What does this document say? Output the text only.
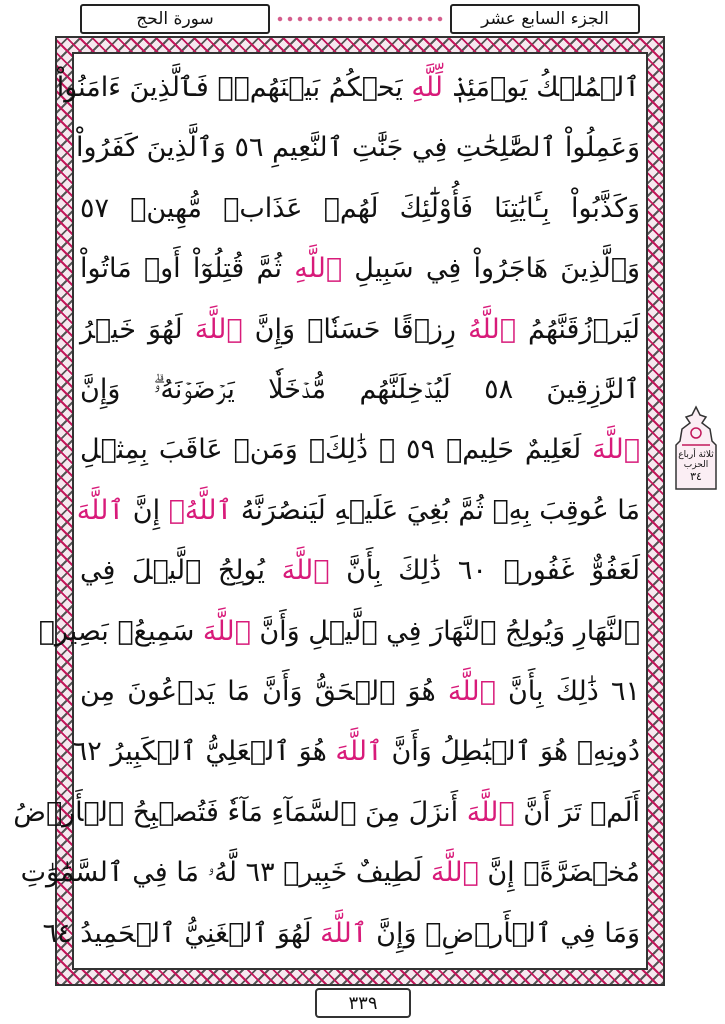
الجزء السابع عشر
سورة الحج
ٱلۡمُلۡكُ يَوۡمَئِذٖ لِّلَّهِ يَحۡكُمُ بَيۡنَهُمۡۚ فَٱلَّذِينَ ءَامَنُواْ
وَعَمِلُواْ ٱلصَّٰلِحَٰتِ فِي جَنَّٰتِ ٱلنَّعِيمِ ٥٦ وَٱلَّذِينَ كَفَرُواْ
وَكَذَّبُواْ بِـَٔايَٰتِنَا فَأُوْلَٰٓئِكَ لَهُمۡ عَذَابٞ مُّهِينٞ ٥٧
وَٱلَّذِينَ هَاجَرُواْ فِي سَبِيلِ ٱللَّهِ ثُمَّ قُتِلُوٓاْ أَوۡ مَاتُواْ
لَيَرۡزُقَنَّهُمُ ٱللَّهُ رِزۡقًا حَسَنٗاۚ وَإِنَّ ٱللَّهَ لَهُوَ خَيۡرُ
ٱلرَّٰزِقِينَ ٥٨ لَيُدۡخِلَنَّهُم مُّدۡخَلٗا يَرۡضَوۡنَهُۥۗ وَإِنَّ
ٱللَّهَ لَعَلِيمٌ حَلِيمٞ ٥٩ ۞ ذَٰلِكَۖ وَمَنۡ عَاقَبَ بِمِثۡلِ
مَا عُوقِبَ بِهِۦ ثُمَّ بُغِيَ عَلَيۡهِ لَيَنصُرَنَّهُ ٱللَّهُۚ إِنَّ ٱللَّهَ
لَعَفُوٌّ غَفُورٞ ٦٠ ذَٰلِكَ بِأَنَّ ٱللَّهَ يُولِجُ ٱلَّيۡلَ فِي
ٱلنَّهَارِ وَيُولِجُ ٱلنَّهَارَ فِي ٱلَّيۡلِ وَأَنَّ ٱللَّهَ سَمِيعُۢ بَصِيرٞ
٦١ ذَٰلِكَ بِأَنَّ ٱللَّهَ هُوَ ٱلۡحَقُّ وَأَنَّ مَا يَدۡعُونَ مِن
دُونِهِۦ هُوَ ٱلۡبَٰطِلُ وَأَنَّ ٱللَّهَ هُوَ ٱلۡعَلِيُّ ٱلۡكَبِيرُ ٦٢
أَلَمۡ تَرَ أَنَّ ٱللَّهَ أَنزَلَ مِنَ ٱلسَّمَآءِ مَآءٗ فَتُصۡبِحُ ٱلۡأَرۡضُ
مُخۡضَرَّةًۚ إِنَّ ٱللَّهَ لَطِيفٌ خَبِيرٞ ٦٣ لَّهُۥ مَا فِي ٱلسَّمَٰوَٰتِ
وَمَا فِي ٱلۡأَرۡضِۚ وَإِنَّ ٱللَّهَ لَهُوَ ٱلۡغَنِيُّ ٱلۡحَمِيدُ ٦٤
ثلاثة أرباع الحزب
٣٤
٣٣٩
